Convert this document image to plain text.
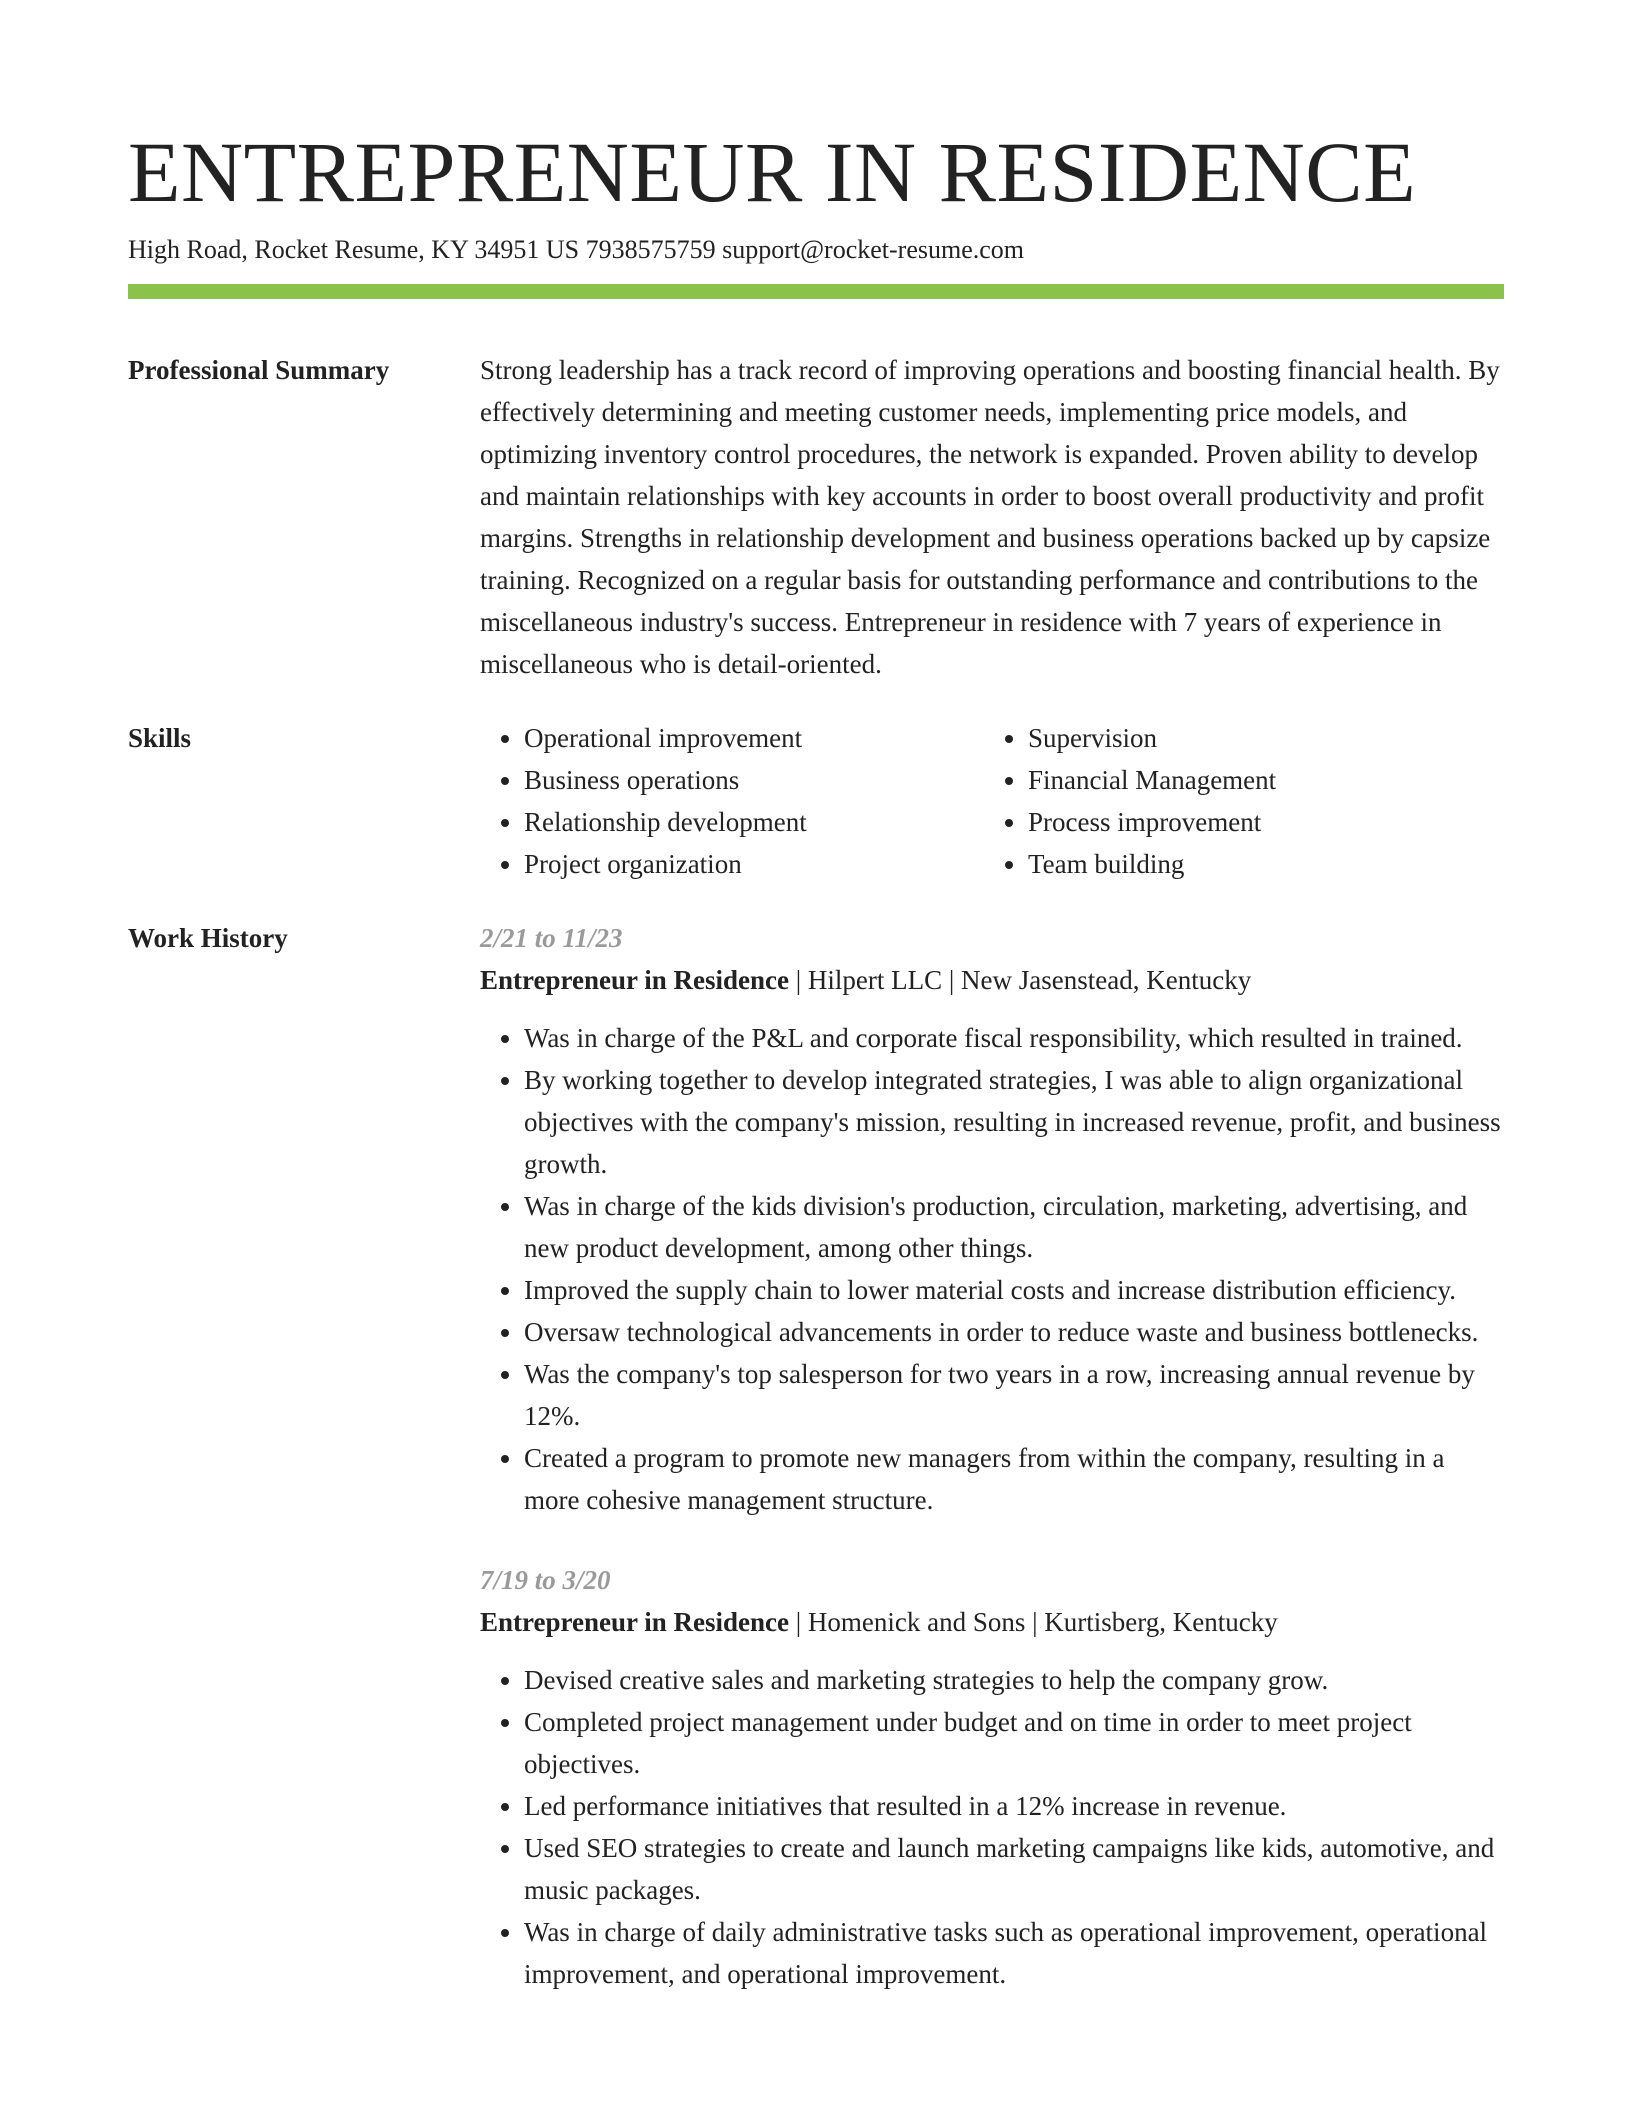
ENTREPRENEUR IN RESIDENCE
High Road, Rocket Resume, KY 34951 US 7938575759 support@rocket-resume.com
Professional Summary	Strong leadership has a track record of improving operations and boosting financial health. By effectively determining and meeting customer needs, implementing price models, and optimizing inventory control procedures, the network is expanded. Proven ability to develop and maintain relationships with key accounts in order to boost overall productivity and profit margins. Strengths in relationship development and business operations backed up by capsize training. Recognized on a regular basis for outstanding performance and contributions to the miscellaneous industry's success. Entrepreneur in residence with 7 years of experience in miscellaneous who is detail-oriented.

Skills
•	Operational improvement
• Business operations
• Relationship development
• Project organization
• Supervision
• Financial Management
• Process improvement
• Team building
Work History	2/21 to 11/23
Entrepreneur in Residence | Hilpert LLC | New Jasenstead, Kentucky
• Was in charge of the P&L and corporate fiscal responsibility, which resulted in trained.
• By working together to develop integrated strategies, I was able to align organizational objectives with the company's mission, resulting in increased revenue, profit, and business growth.
• Was in charge of the kids division's production, circulation, marketing, advertising, and new product development, among other things.
• Improved the supply chain to lower material costs and increase distribution efficiency.
• Oversaw technological advancements in order to reduce waste and business bottlenecks.
• Was the company's top salesperson for two years in a row, increasing annual revenue by 12%.
• Created a program to promote new managers from within the company, resulting in a more cohesive management structure.
7/19 to 3/20
Entrepreneur in Residence | Homenick and Sons | Kurtisberg, Kentucky
• Devised creative sales and marketing strategies to help the company grow.
• Completed project management under budget and on time in order to meet project objectives.
• Led performance initiatives that resulted in a 12% increase in revenue.
• Used SEO strategies to create and launch marketing campaigns like kids, automotive, and music packages.
• Was in charge of daily administrative tasks such as operational improvement, operational improvement, and operational improvement.
